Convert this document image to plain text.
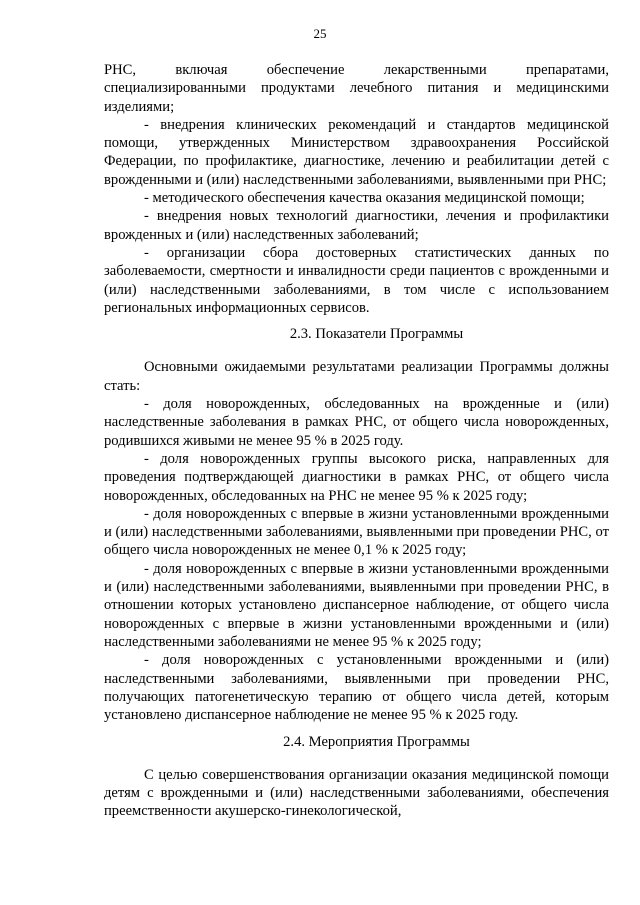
25

РНС, включая обеспечение лекарственными препаратами, специализированными продуктами лечебного питания и медицинскими изделиями;

- внедрения клинических рекомендаций и стандартов медицинской помощи, утвержденных Министерством здравоохранения Российской Федерации, по профилактике, диагностике, лечению и реабилитации детей с врожденными и (или) наследственными заболеваниями, выявленными при РНС;

- методического обеспечения качества оказания медицинской помощи;

- внедрения новых технологий диагностики, лечения и профилактики врожденных и (или) наследственных заболеваний;

- организации сбора достоверных статистических данных по заболеваемости, смертности и инвалидности среди пациентов с врожденными и (или) наследственными заболеваниями, в том числе с использованием региональных информационных сервисов.

2.3. Показатели Программы

Основными ожидаемыми результатами реализации Программы должны стать:

- доля новорожденных, обследованных на врожденные и (или) наследственные заболевания в рамках РНС, от общего числа новорожденных, родившихся живыми не менее 95 % в 2025 году.

- доля новорожденных группы высокого риска, направленных для проведения подтверждающей диагностики в рамках РНС, от общего числа новорожденных, обследованных на РНС не менее 95 % к 2025 году;

- доля новорожденных с впервые в жизни установленными врожденными и (или) наследственными заболеваниями, выявленными при проведении РНС, от общего числа новорожденных не менее 0,1 % к 2025 году;

- доля новорожденных с впервые в жизни установленными врожденными и (или) наследственными заболеваниями, выявленными при проведении РНС, в отношении которых установлено диспансерное наблюдение, от общего числа новорожденных с впервые в жизни установленными врожденными и (или) наследственными заболеваниями не менее 95 % к 2025 году;

- доля новорожденных с установленными врожденными и (или) наследственными заболеваниями, выявленными при проведении РНС, получающих патогенетическую терапию от общего числа детей, которым установлено диспансерное наблюдение не менее 95 % к 2025 году.

2.4. Мероприятия Программы

С целью совершенствования организации оказания медицинской помощи детям с врожденными и (или) наследственными заболеваниями, обеспечения преемственности акушерско-гинекологической,
